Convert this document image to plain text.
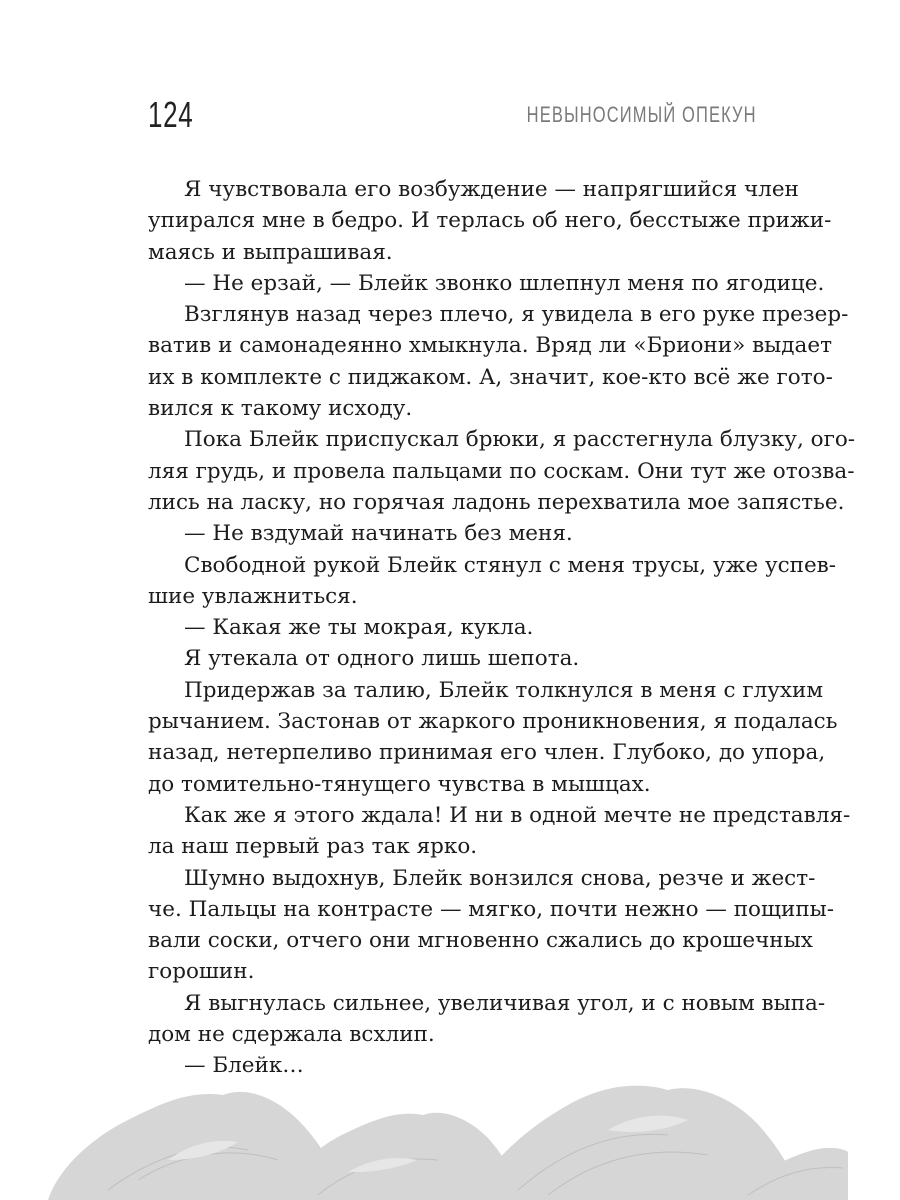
124	НЕВЫНОСИМЫЙ ОПЕКУН
Я чувствовала его возбуждение — напрягшийся член
упирался мне в бедро. И терлась об него, бесстыже прижи-
маясь и выпрашивая.
— Не ерзай, — Блейк звонко шлепнул меня по ягодице.
Взглянув назад через плечо, я увидела в его руке презер-
ватив и самонадеянно хмыкнула. Вряд ли «Бриони» выдает
их в комплекте с пиджаком. А, значит, кое-кто всё же гото-
вился к такому исходу.
Пока Блейк приспускал брюки, я расстегнула блузку, ого-
ляя грудь, и провела пальцами по соскам. Они тут же отозва-
лись на ласку, но горячая ладонь перехватила мое запястье.
— Не вздумай начинать без меня.
Свободной рукой Блейк стянул с меня трусы, уже успев-
шие увлажниться.
— Какая же ты мокрая, кукла.
Я утекала от одного лишь шепота.
Придержав за талию, Блейк толкнулся в меня с глухим
рычанием. Застонав от жаркого проникновения, я подалась
назад, нетерпеливо принимая его член. Глубоко, до упора,
до томительно-тянущего чувства в мышцах.
Как же я этого ждала! И ни в одной мечте не представля-
ла наш первый раз так ярко.
Шумно выдохнув, Блейк вонзился снова, резче и жест-
че. Пальцы на контрасте — мягко, почти нежно — пощипы-
вали соски, отчего они мгновенно сжались до крошечных
горошин.
Я выгнулась сильнее, увеличивая угол, и с новым выпа-
дом не сдержала всхлип.
— Блейк…
